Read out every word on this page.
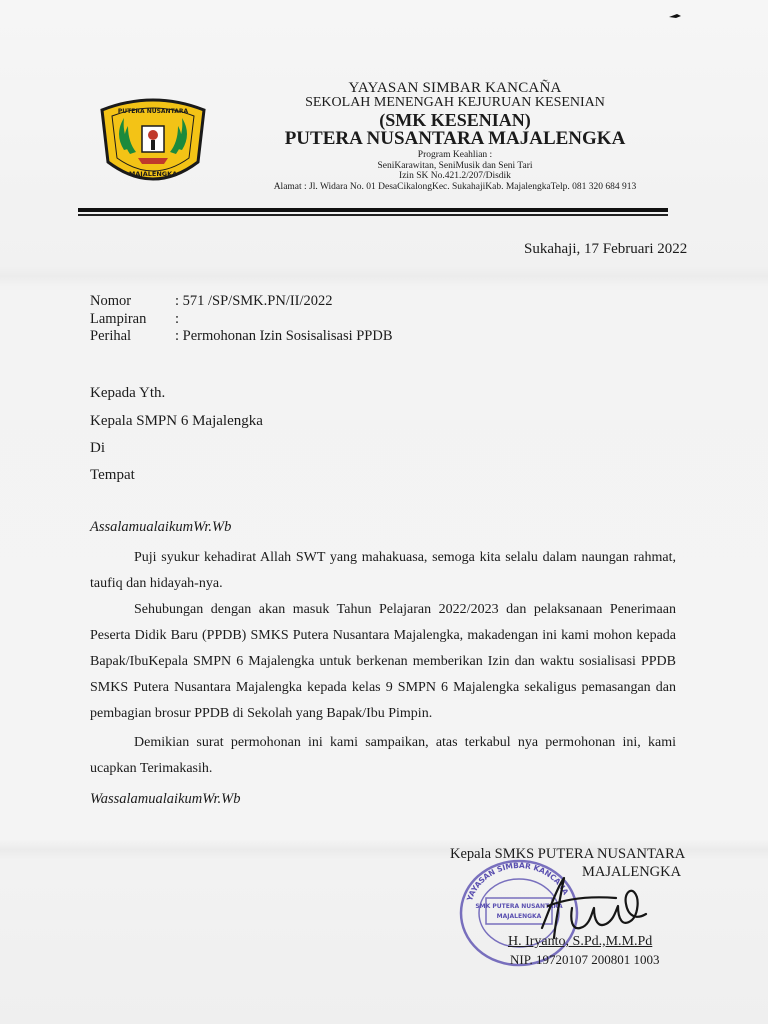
PUTERA NUSANTARA
MAJALENGKA
YAYASAN SIMBAR KANCAÑA
SEKOLAH MENENGAH KEJURUAN KESENIAN
(SMK KESENIAN)
PUTERA NUSANTARA MAJALENGKA
Program Keahlian :
SeniKarawitan, SeniMusik dan Seni Tari
Izin SK No.421.2/207/Disdik
Alamat : Jl. Widara No. 01 DesaCikalongKec. SukahajiKab. MajalengkaTelp. 081 320 684 913
Sukahaji, 17 Februari 2022
Nomor	: 571 /SP/SMK.PN/II/2022
Lampiran :
Perihal	: Permohonan Izin Sosisalisasi PPDB
Kepada Yth.
Kepala SMPN 6 Majalengka
Di
Tempat
AssalamualaikumWr.Wb
Puji syukur kehadirat Allah SWT yang mahakuasa, semoga kita selalu dalam naungan rahmat, taufiq dan hidayah-nya.
Sehubungan dengan akan masuk Tahun Pelajaran 2022/2023 dan pelaksanaan Penerimaan Peserta Didik Baru (PPDB) SMKS Putera Nusantara Majalengka, makadengan ini kami mohon kepada Bapak/IbuKepala SMPN 6 Majalengka untuk berkenan memberikan Izin dan waktu sosialisasi PPDB SMKS Putera Nusantara Majalengka kepada kelas 9 SMPN 6 Majalengka sekaligus pemasangan dan pembagian brosur PPDB di Sekolah yang Bapak/Ibu Pimpin.
Demikian surat permohonan ini kami sampaikan, atas terkabul nya permohonan ini, kami ucapkan Terimakasih.
WassalamualaikumWr.Wb
SMK PUTERA NUSANTARA
MAJALENGKA
YAYASAN SIMBAR KANCANA
Kepala SMKS PUTERA NUSANTARA
MAJALENGKA
H. Iryanto, S.Pd.,M.M.Pd
NIP. 19720107 200801 1003
